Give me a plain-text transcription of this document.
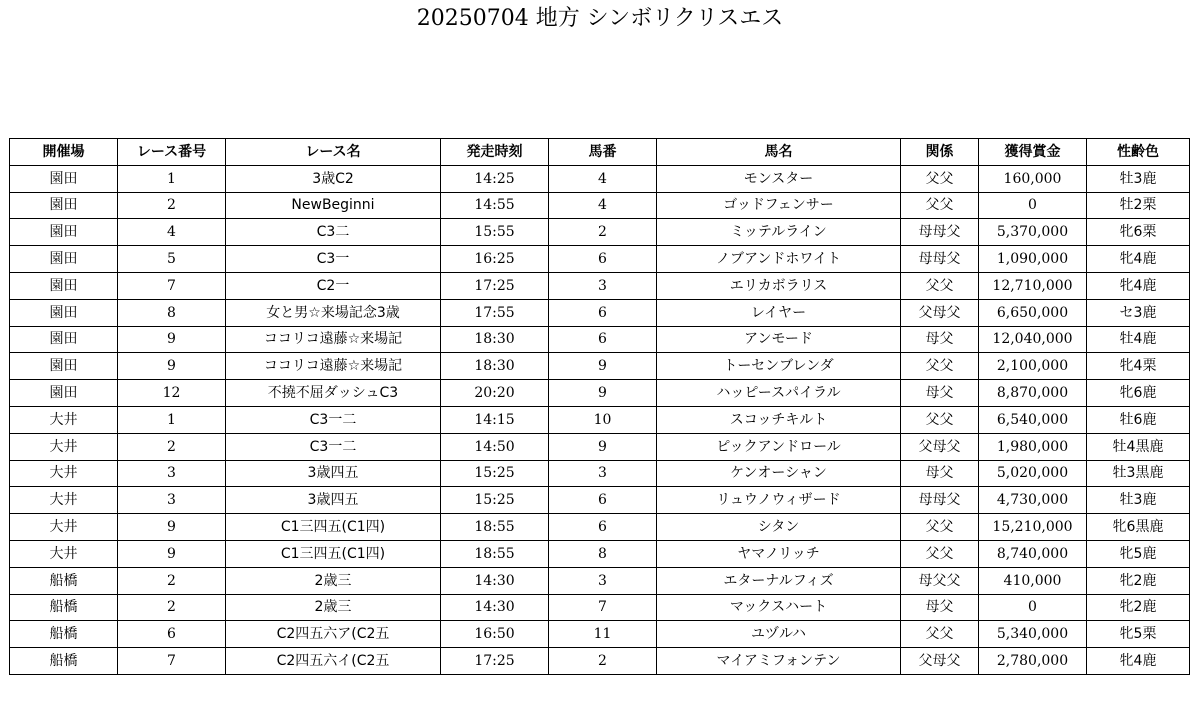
20250704 地方 シンボリクリスエス
開催場	レース番号	レース名	発走時刻	馬番	馬名	関係	獲得賞金	性齢色
園田	1	3歳C2	14:25	4	モンスター	父父	160,000	牡3鹿
園田	2	NewBeginni	14:55	4	ゴッドフェンサー	父父	0	牡2栗
園田	4	C3二	15:55	2	ミッテルライン	母母父	5,370,000	牝6栗
園田	5	C3一	16:25	6	ノブアンドホワイト	母母父	1,090,000	牝4鹿
園田	7	C2一	17:25	3	エリカボラリス	父父	12,710,000	牝4鹿
園田	8	女と男☆来場記念3歳	17:55	6	レイヤー	父母父	6,650,000	セ3鹿
園田	9	ココリコ遠藤☆来場記	18:30	6	アンモード	母父	12,040,000	牡4鹿
園田	9	ココリコ遠藤☆来場記	18:30	9	トーセンブレンダ	父父	2,100,000	牝4栗
園田	12	不撓不屈ダッシュC3	20:20	9	ハッピースパイラル	母父	8,870,000	牝6鹿
大井	1	C3一二	14:15	10	スコッチキルト	父父	6,540,000	牡6鹿
大井	2	C3一二	14:50	9	ピックアンドロール	父母父	1,980,000	牡4黒鹿
大井	3	3歳四五	15:25	3	ケンオーシャン	母父	5,020,000	牡3黒鹿
大井	3	3歳四五	15:25	6	リュウノウィザード	母母父	4,730,000	牡3鹿
大井	9	C1三四五(C1四)	18:55	6	シタン	父父	15,210,000	牝6黒鹿
大井	9	C1三四五(C1四)	18:55	8	ヤマノリッチ	父父	8,740,000	牝5鹿
船橋	2	2歳三	14:30	3	エターナルフィズ	母父父	410,000	牝2鹿
船橋	2	2歳三	14:30	7	マックスハート	母父	0	牝2鹿
船橋	6	C2四五六ア(C2五	16:50	11	ユヅルハ	父父	5,340,000	牝5栗
船橋	7	C2四五六イ(C2五	17:25	2	マイアミフォンテン	父母父	2,780,000	牝4鹿
